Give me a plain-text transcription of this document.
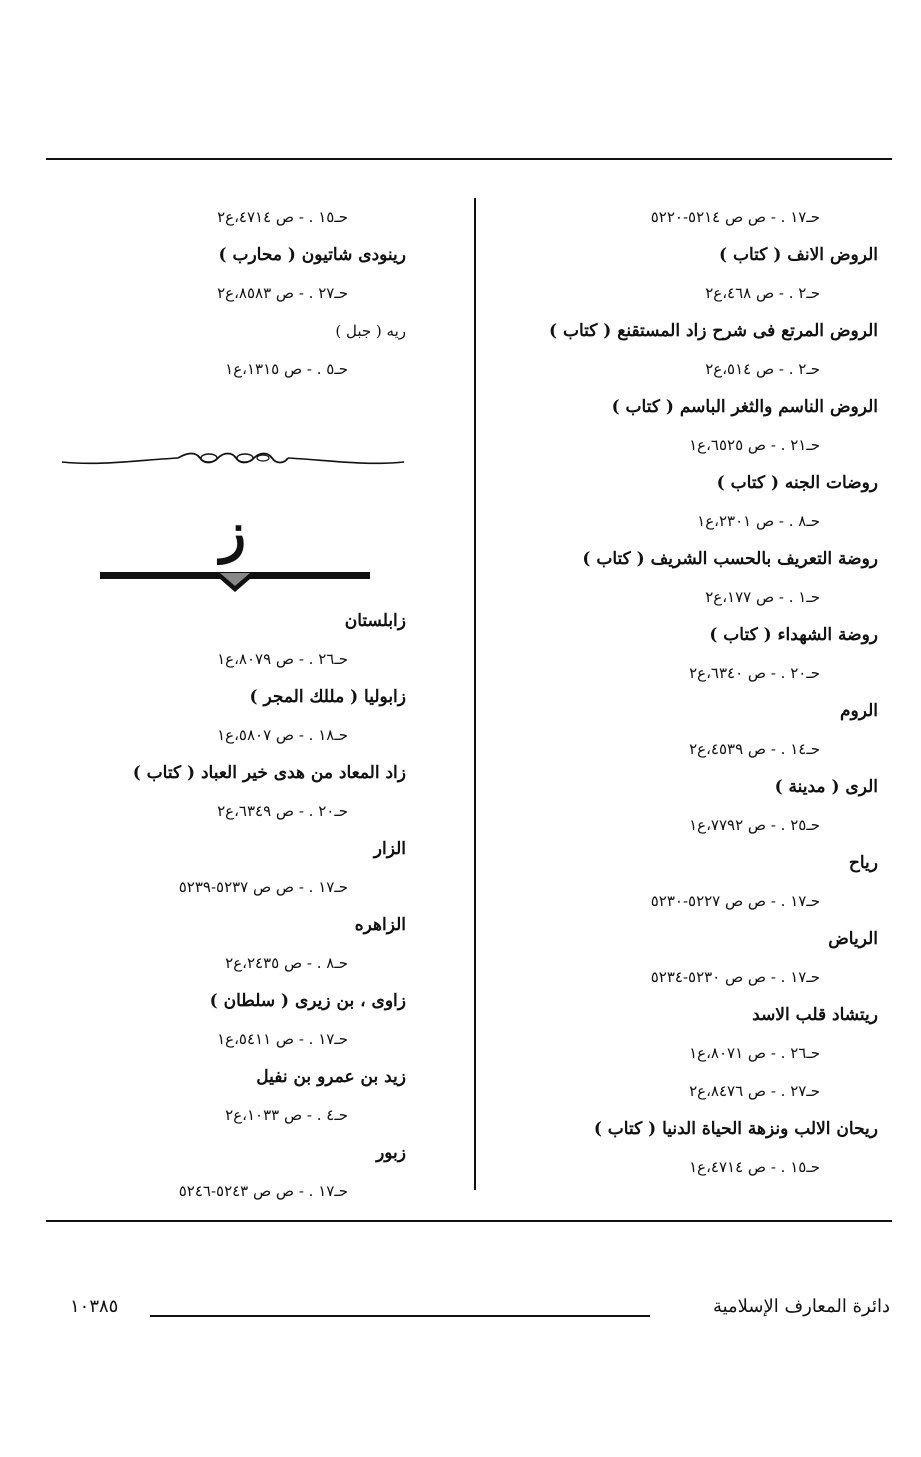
حـ١٧ . - ص ص ٥٢١٤-٥٢٢٠
الروض الانف ( كتاب )
حـ٢ . - ص ٤٦٨،ع٢
الروض المرتع فى شرح زاد المستقنع ( كتاب )
حـ٢ . - ص ٥١٤،ع٢
الروض الناسم والثغر الباسم ( كتاب )
حـ٢١ . - ص ٦٥٢٥،ع١
روضات الجنه ( كتاب )
حـ٨ . - ص ٢٣٠١،ع١
روضة التعريف بالحسب الشريف ( كتاب )
حـ١ . - ص ١٧٧،ع٢
روضة الشهداء ( كتاب )
حـ٢٠ . - ص ٦٣٤٠،ع٢
الروم
حـ١٤ . - ص ٤٥٣٩،ع٢
الرى ( مدينة )
حـ٢٥ . - ص ٧٧٩٢،ع١
رياح
حـ١٧ . - ص ص ٥٢٢٧-٥٢٣٠
الرياض
حـ١٧ . - ص ص ٥٢٣٠-٥٢٣٤
ريتشاد قلب الاسد
حـ٢٦ . - ص ٨٠٧١،ع١
حـ٢٧ . - ص ٨٤٧٦،ع٢
ريحان الالب ونزهة الحياة الدنيا ( كتاب )
حـ١٥ . - ص ٤٧١٤،ع١
حـ١٥ . - ص ٤٧١٤،ع٢
رينودى شاتيون ( محارب )
حـ٢٧ . - ص ٨٥٨٣،ع٢
ريه ( جبل )
حـ٥ . - ص ١٣١٥،ع١
ز
زابلستان
حـ٢٦ . - ص ٨٠٧٩،ع١
زابوليا ( مللك المجر )
حـ١٨ . - ص ٥٨٠٧،ع١
زاد المعاد من هدى خير العباد ( كتاب )
حـ٢٠ . - ص ٦٣٤٩،ع٢
الزار
حـ١٧ . - ص ص ٥٢٣٧-٥٢٣٩
الزاهره
حـ٨ . - ص ٢٤٣٥،ع٢
زاوى ، بن زيرى ( سلطان )
حـ١٧ . - ص ٥٤١١،ع١
زيد بن عمرو بن نفيل
حـ٤ . - ص ١٠٣٣،ع٢
زبور
حـ١٧ . - ص ص ٥٢٤٣-٥٢٤٦
دائرة المعارف الإسلامية
١٠٣٨٥
